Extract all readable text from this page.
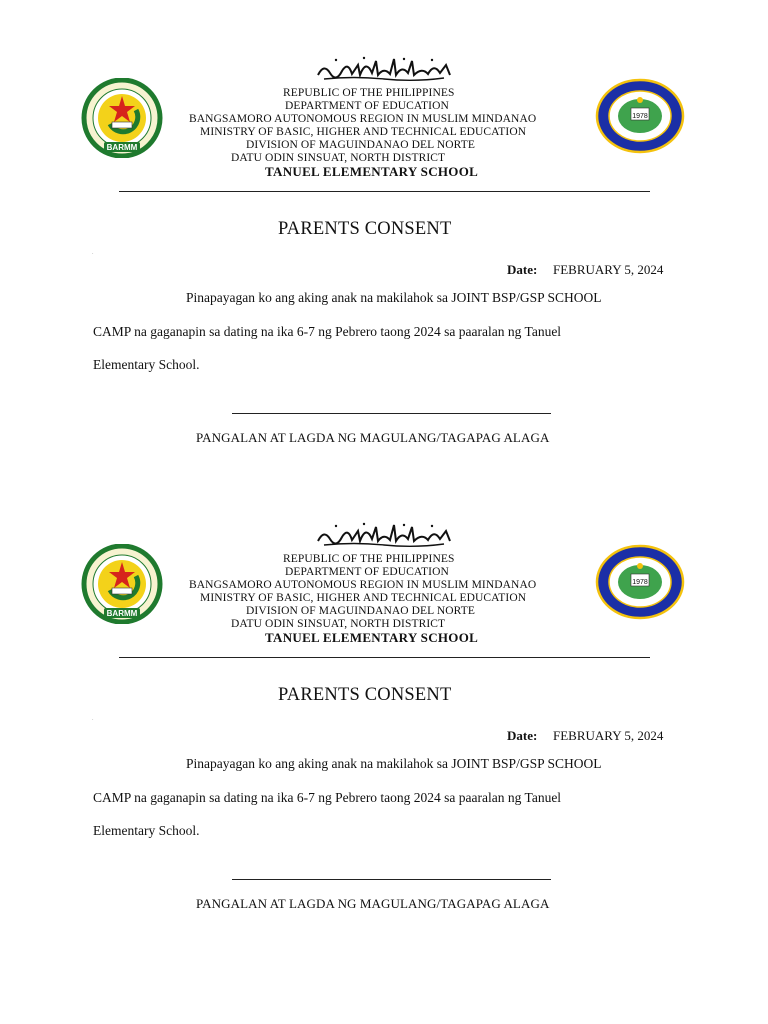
BARMM
1978
REPUBLIC OF THE PHILIPPINES
DEPARTMENT OF EDUCATION
BANGSAMORO AUTONOMOUS REGION IN MUSLIM MINDANAO
MINISTRY OF BASIC, HIGHER AND TECHNICAL EDUCATION
DIVISION OF MAGUINDANAO DEL NORTE
DATU ODIN SINSUAT, NORTH DISTRICT
TANUEL ELEMENTARY SCHOOL
PARENTS CONSENT
.
Date: FEBRUARY 5, 2024
Pinapayagan ko ang aking anak na makilahok sa JOINT BSP/GSP SCHOOL
CAMP na gaganapin sa dating na ika 6-7 ng Pebrero taong 2024 sa paaralan ng Tanuel
Elementary School.
PANGALAN AT LAGDA NG MAGULANG/TAGAPAG ALAGA
BARMM
1978
REPUBLIC OF THE PHILIPPINES
DEPARTMENT OF EDUCATION
BANGSAMORO AUTONOMOUS REGION IN MUSLIM MINDANAO
MINISTRY OF BASIC, HIGHER AND TECHNICAL EDUCATION
DIVISION OF MAGUINDANAO DEL NORTE
DATU ODIN SINSUAT, NORTH DISTRICT
TANUEL ELEMENTARY SCHOOL
PARENTS CONSENT
.
Date: FEBRUARY 5, 2024
Pinapayagan ko ang aking anak na makilahok sa JOINT BSP/GSP SCHOOL
CAMP na gaganapin sa dating na ika 6-7 ng Pebrero taong 2024 sa paaralan ng Tanuel
Elementary School.
PANGALAN AT LAGDA NG MAGULANG/TAGAPAG ALAGA
